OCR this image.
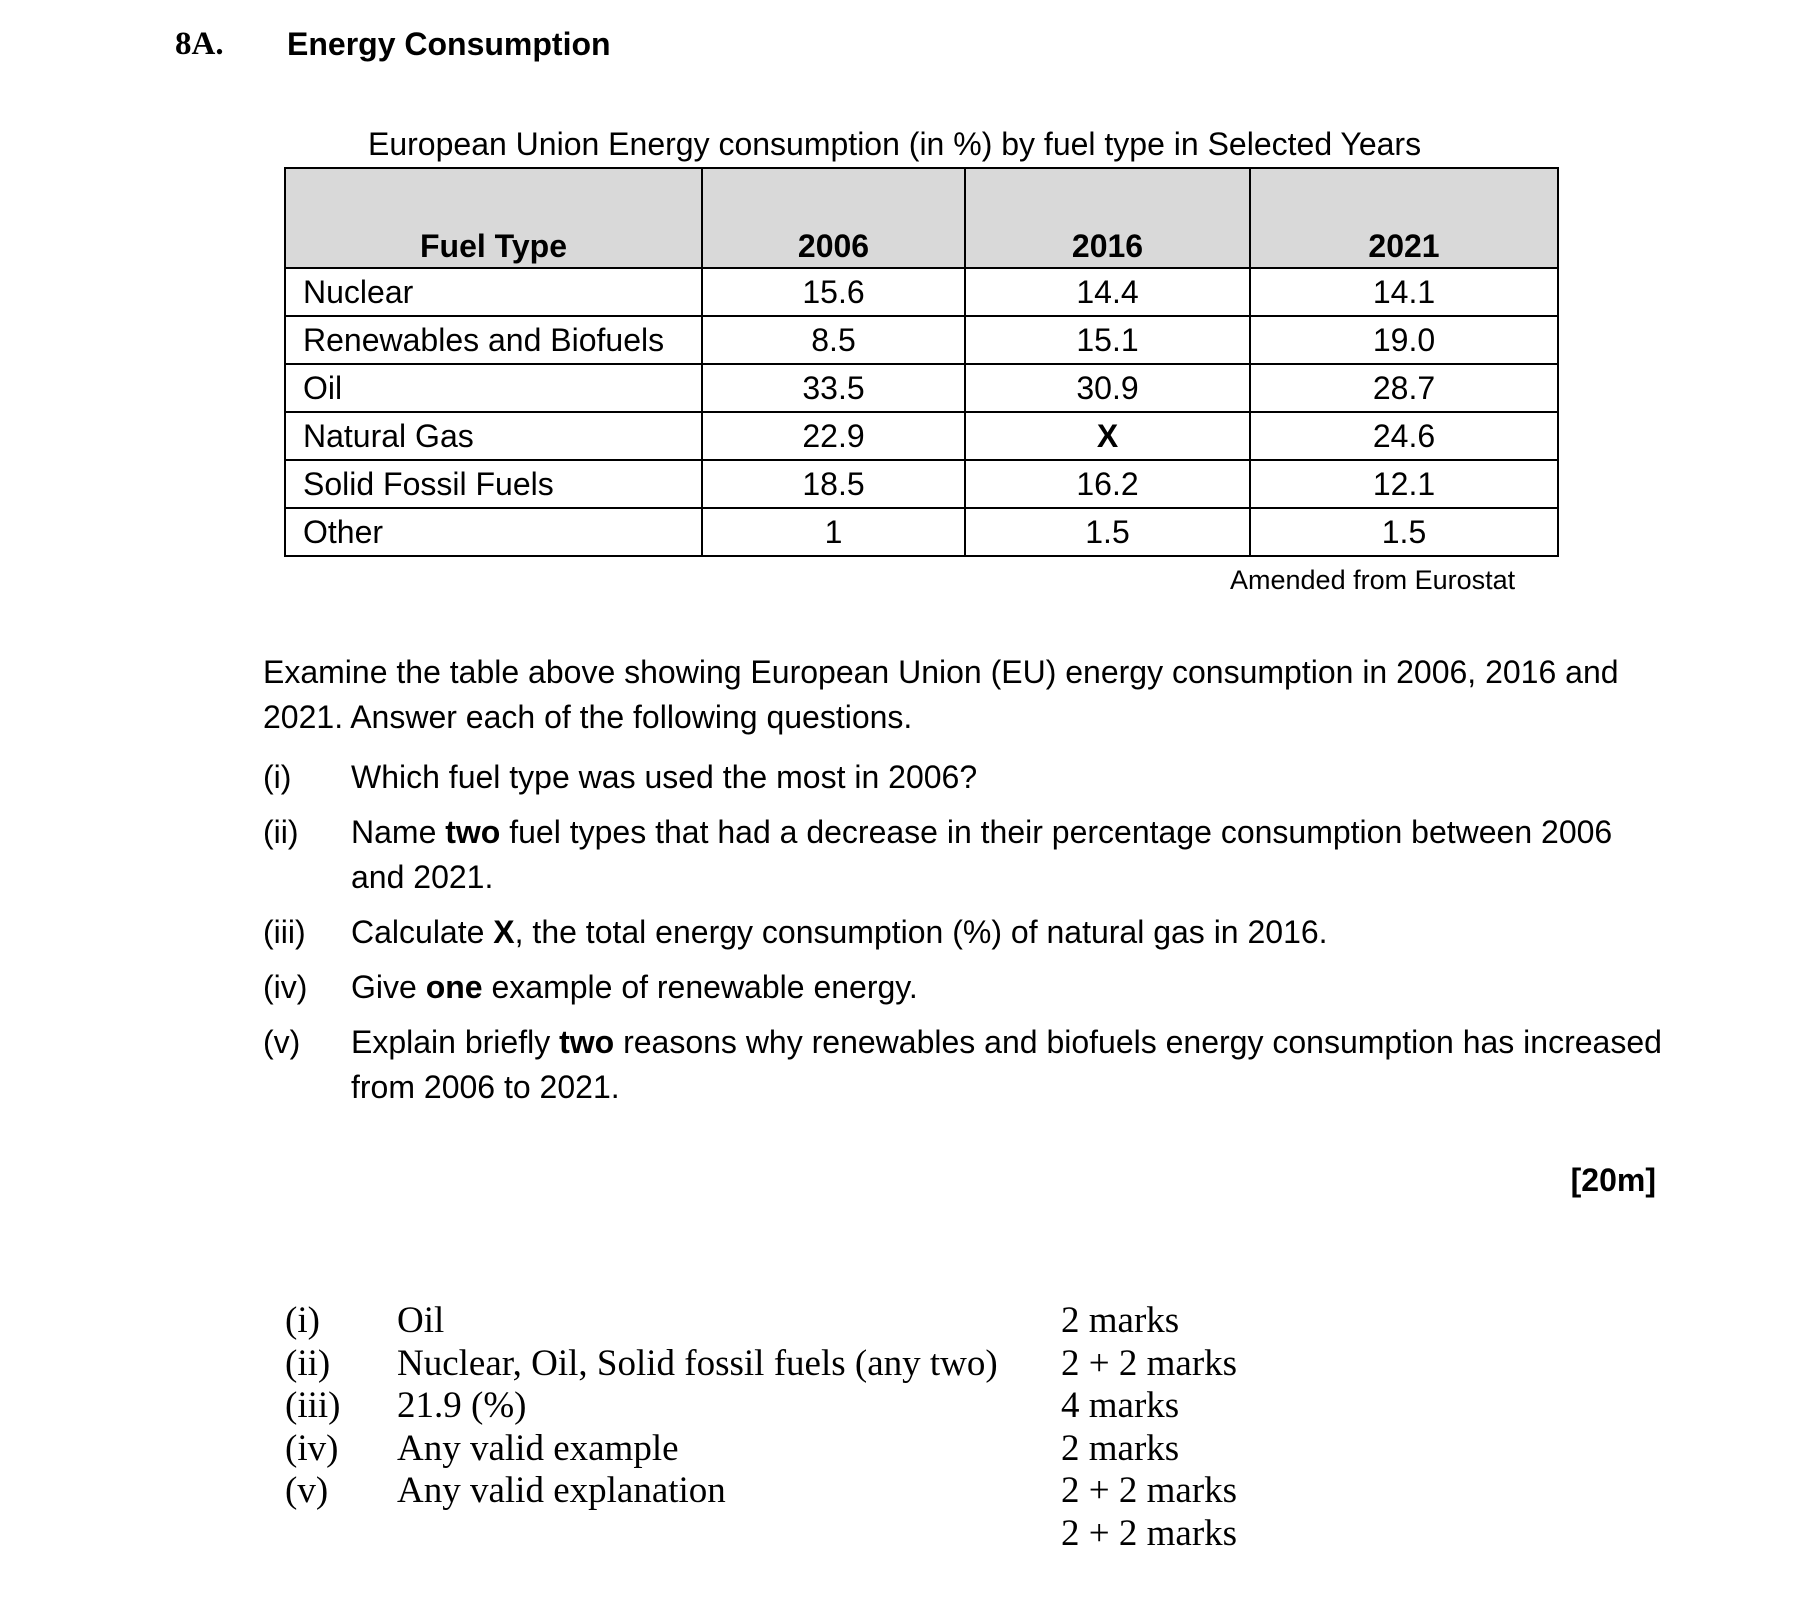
8A. Energy Consumption
European Union Energy consumption (in %) by fuel type in Selected Years
Fuel Type	2006	2016	2021
Nuclear	15.6	14.4	14.1
Renewables and Biofuels	8.5	15.1	19.0
Oil	33.5	30.9	28.7
Natural Gas	22.9	X	24.6
Solid Fossil Fuels	18.5	16.2	12.1
Other	1	1.5	1.5
Amended from Eurostat
Examine the table above showing European Union (EU) energy consumption in 2006, 2016 and 2021. Answer each of the following questions.
(i)	Which fuel type was used the most in 2006?
(ii)	Name two fuel types that had a decrease in their percentage consumption between 2006 and 2021.
(iii)	Calculate X, the total energy consumption (%) of natural gas in 2016.
(iv)	Give one example of renewable energy.
(v)	Explain briefly two reasons why renewables and biofuels energy consumption has increased from 2006 to 2021.
[20m]
(i)	Oil	2 marks
(ii)	Nuclear, Oil, Solid fossil fuels (any two)	2 + 2 marks
(iii)	21.9 (%)	4 marks
(iv)	Any valid example	2 marks
(v)	Any valid explanation	2 + 2 marks
2 + 2 marks
